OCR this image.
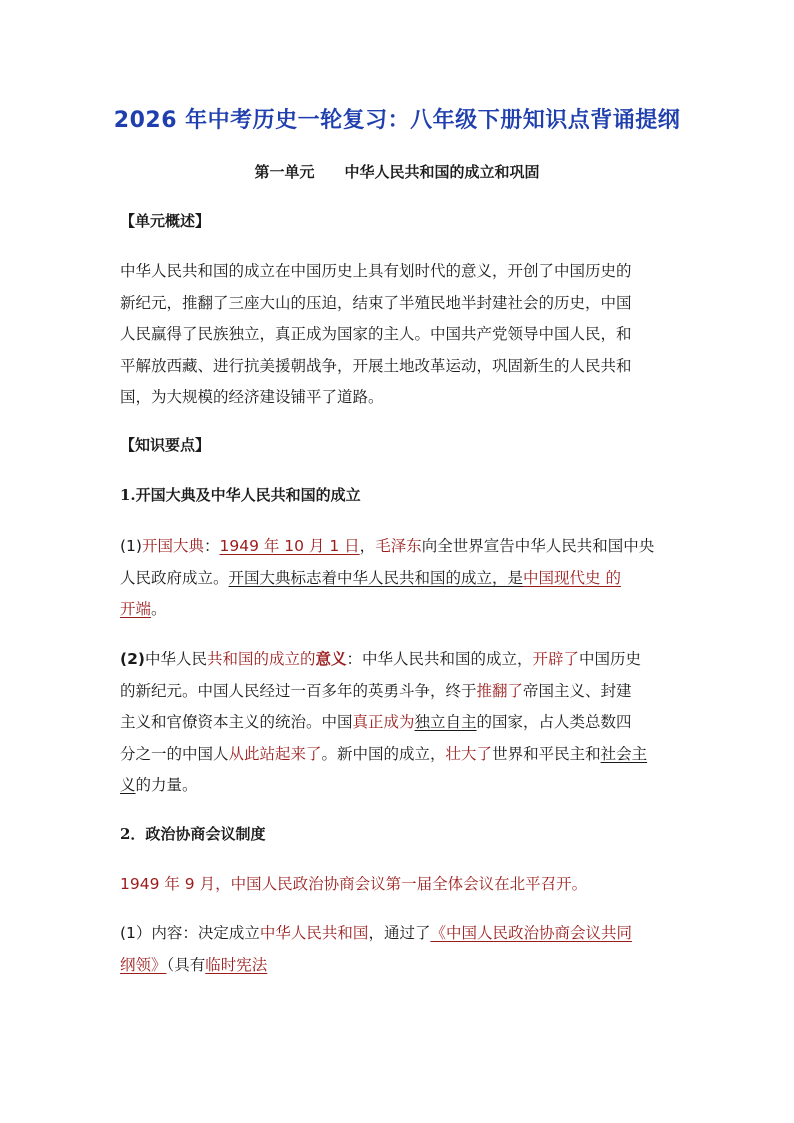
2026 年中考历史一轮复习：八年级下册知识点背诵提纲
第一单元 中华人民共和国的成立和巩固
【单元概述】
中华人民共和国的成立在中国历史上具有划时代的意义，开创了中国历史的
新纪元，推翻了三座大山的压迫，结束了半殖民地半封建社会的历史，中国
人民赢得了民族独立，真正成为国家的主人。中国共产党领导中国人民，和
平解放西藏、进行抗美援朝战争，开展土地改革运动，巩固新生的人民共和
国，为大规模的经济建设铺平了道路。
【知识要点】
1.开国大典及中华人民共和国的成立
(1)开国大典：1949 年 10 月 1 日，毛泽东向全世界宣告中华人民共和国中央
人民政府成立。开国大典标志着中华人民共和国的成立，是中国现代史 的
开端。
(2)中华人民共和国的成立的意义：中华人民共和国的成立，开辟了中国历史
的新纪元。中国人民经过一百多年的英勇斗争，终于推翻了帝国主义、封建
主义和官僚资本主义的统治。中国真正成为独立自主的国家，占人类总数四
分之一的中国人从此站起来了。新中国的成立，壮大了世界和平民主和社会主
义的力量。
2．政治协商会议制度
1949 年 9 月，中国人民政治协商会议第一届全体会议在北平召开。
(1）内容：决定成立中华人民共和国，通过了《中国人民政治协商会议共同
纲领》（具有临时宪法
